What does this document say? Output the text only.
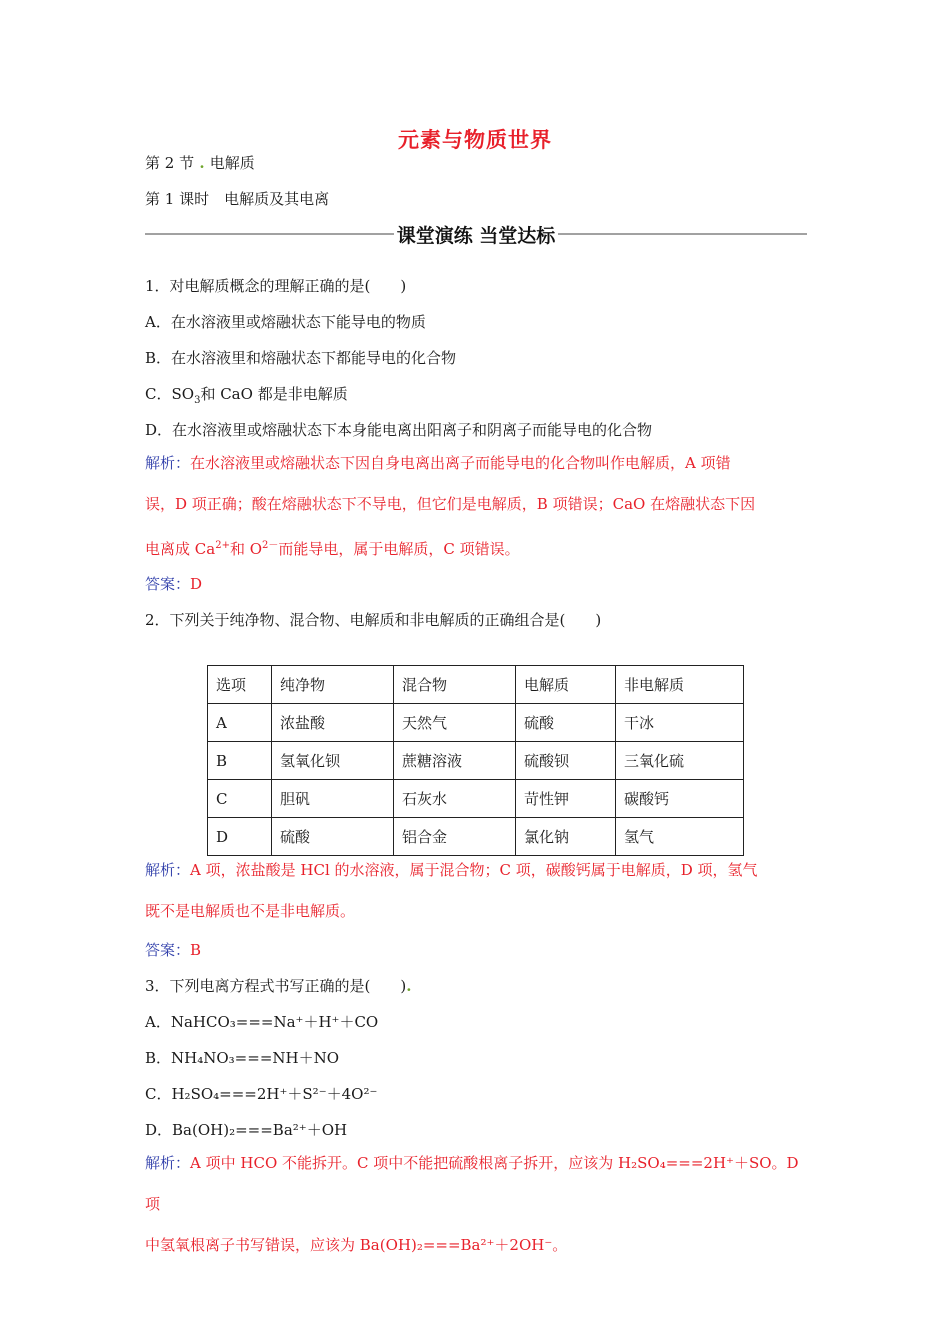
元素与物质世界
第 2 节 . 电解质
第 1 课时　电解质及其电离
课堂演练 当堂达标
1．对电解质概念的理解正确的是(　　)
A．在水溶液里或熔融状态下能导电的物质
B．在水溶液里和熔融状态下都能导电的化合物
C．$SO_3$和 CaO 都是非电解质
D．在水溶液里或熔融状态下本身能电离出阳离子和阴离子而能导电的化合物
解析：在水溶液里或熔融状态下因自身电离出离子而能导电的化合物叫作电解质，A 项错
误，D 项正确；酸在熔融状态下不导电，但它们是电解质，B 项错误；CaO 在熔融状态下因
电离成 $Ca^{2+}$和 $O^{2-}$而能导电，属于电解质，C 项错误。
答案：D
2．下列关于纯净物、混合物、电解质和非电解质的正确组合是(　　)
选项	纯净物	混合物	电解质	非电解质
A	浓盐酸	天然气	硫酸	干冰
B	氢氧化钡	蔗糖溶液	硫酸钡	三氧化硫
C	胆矾	石灰水	苛性钾	碳酸钙
D	硫酸	铝合金	氯化钠	氢气
解析：A 项，浓盐酸是 HCl 的水溶液，属于混合物；C 项，碳酸钙属于电解质，D 项，氢气
既不是电解质也不是非电解质。
答案：B
3．下列电离方程式书写正确的是(　　).
A．NaHCO₃===Na⁺＋H⁺＋CO
B．NH₄NO₃===NH＋NO
C．H₂SO₄===2H⁺＋S²⁻＋4O²⁻
D．Ba(OH)₂===Ba²⁺＋OH
解析：A 项中 HCO 不能拆开。C 项中不能把硫酸根离子拆开，应该为 H₂SO₄===2H⁺＋SO。D 项
中氢氧根离子书写错误，应该为 Ba(OH)₂===Ba²⁺＋2OH⁻。
